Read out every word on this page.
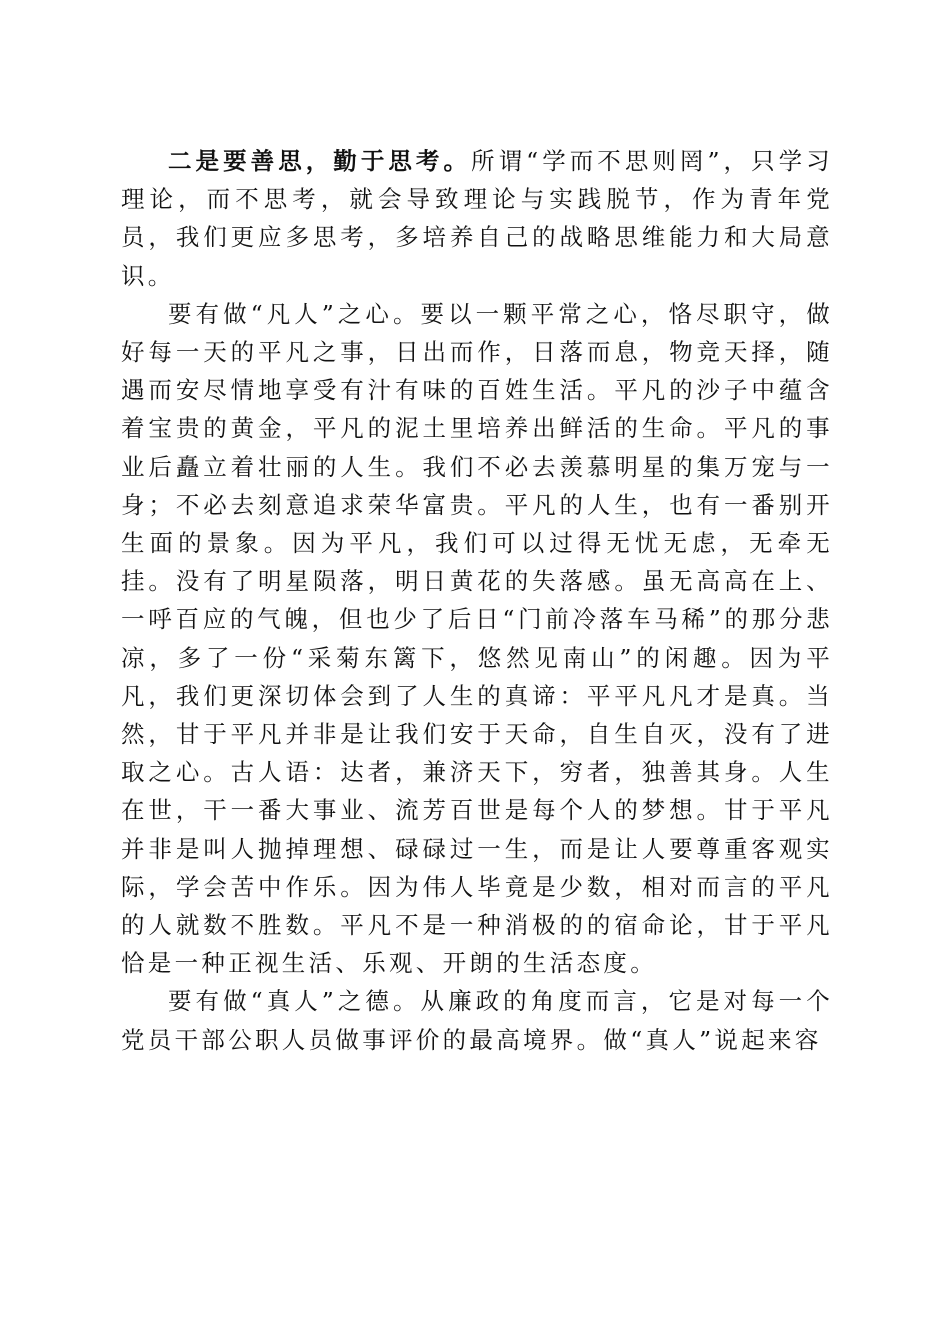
二是要善思，勤于思考。所谓“学而不思则罔”，只学习理论，而不思考，就会导致理论与实践脱节，作为青年党员，我们更应多思考，多培养自己的战略思维能力和大局意识。

要有做“凡人”之心。要以一颗平常之心，恪尽职守，做好每一天的平凡之事，日出而作，日落而息，物竞天择，随遇而安尽情地享受有汁有味的百姓生活。平凡的沙子中蕴含着宝贵的黄金，平凡的泥土里培养出鲜活的生命。平凡的事业后矗立着壮丽的人生。我们不必去羡慕明星的集万宠与一身；不必去刻意追求荣华富贵。平凡的人生，也有一番别开生面的景象。因为平凡，我们可以过得无忧无虑，无牵无挂。没有了明星陨落，明日黄花的失落感。虽无高高在上、一呼百应的气魄，但也少了后日“门前冷落车马稀”的那分悲凉，多了一份“采菊东篱下，悠然见南山”的闲趣。因为平凡，我们更深切体会到了人生的真谛：平平凡凡才是真。当然，甘于平凡并非是让我们安于天命，自生自灭，没有了进取之心。古人语：达者，兼济天下，穷者，独善其身。人生在世，干一番大事业、流芳百世是每个人的梦想。甘于平凡并非是叫人抛掉理想、碌碌过一生，而是让人要尊重客观实际，学会苦中作乐。因为伟人毕竟是少数，相对而言的平凡的人就数不胜数。平凡不是一种消极的的宿命论，甘于平凡恰是一种正视生活、乐观、开朗的生活态度。

要有做“真人”之德。从廉政的角度而言，它是对每一个党员干部公职人员做事评价的最高境界。做“真人”说起来容
